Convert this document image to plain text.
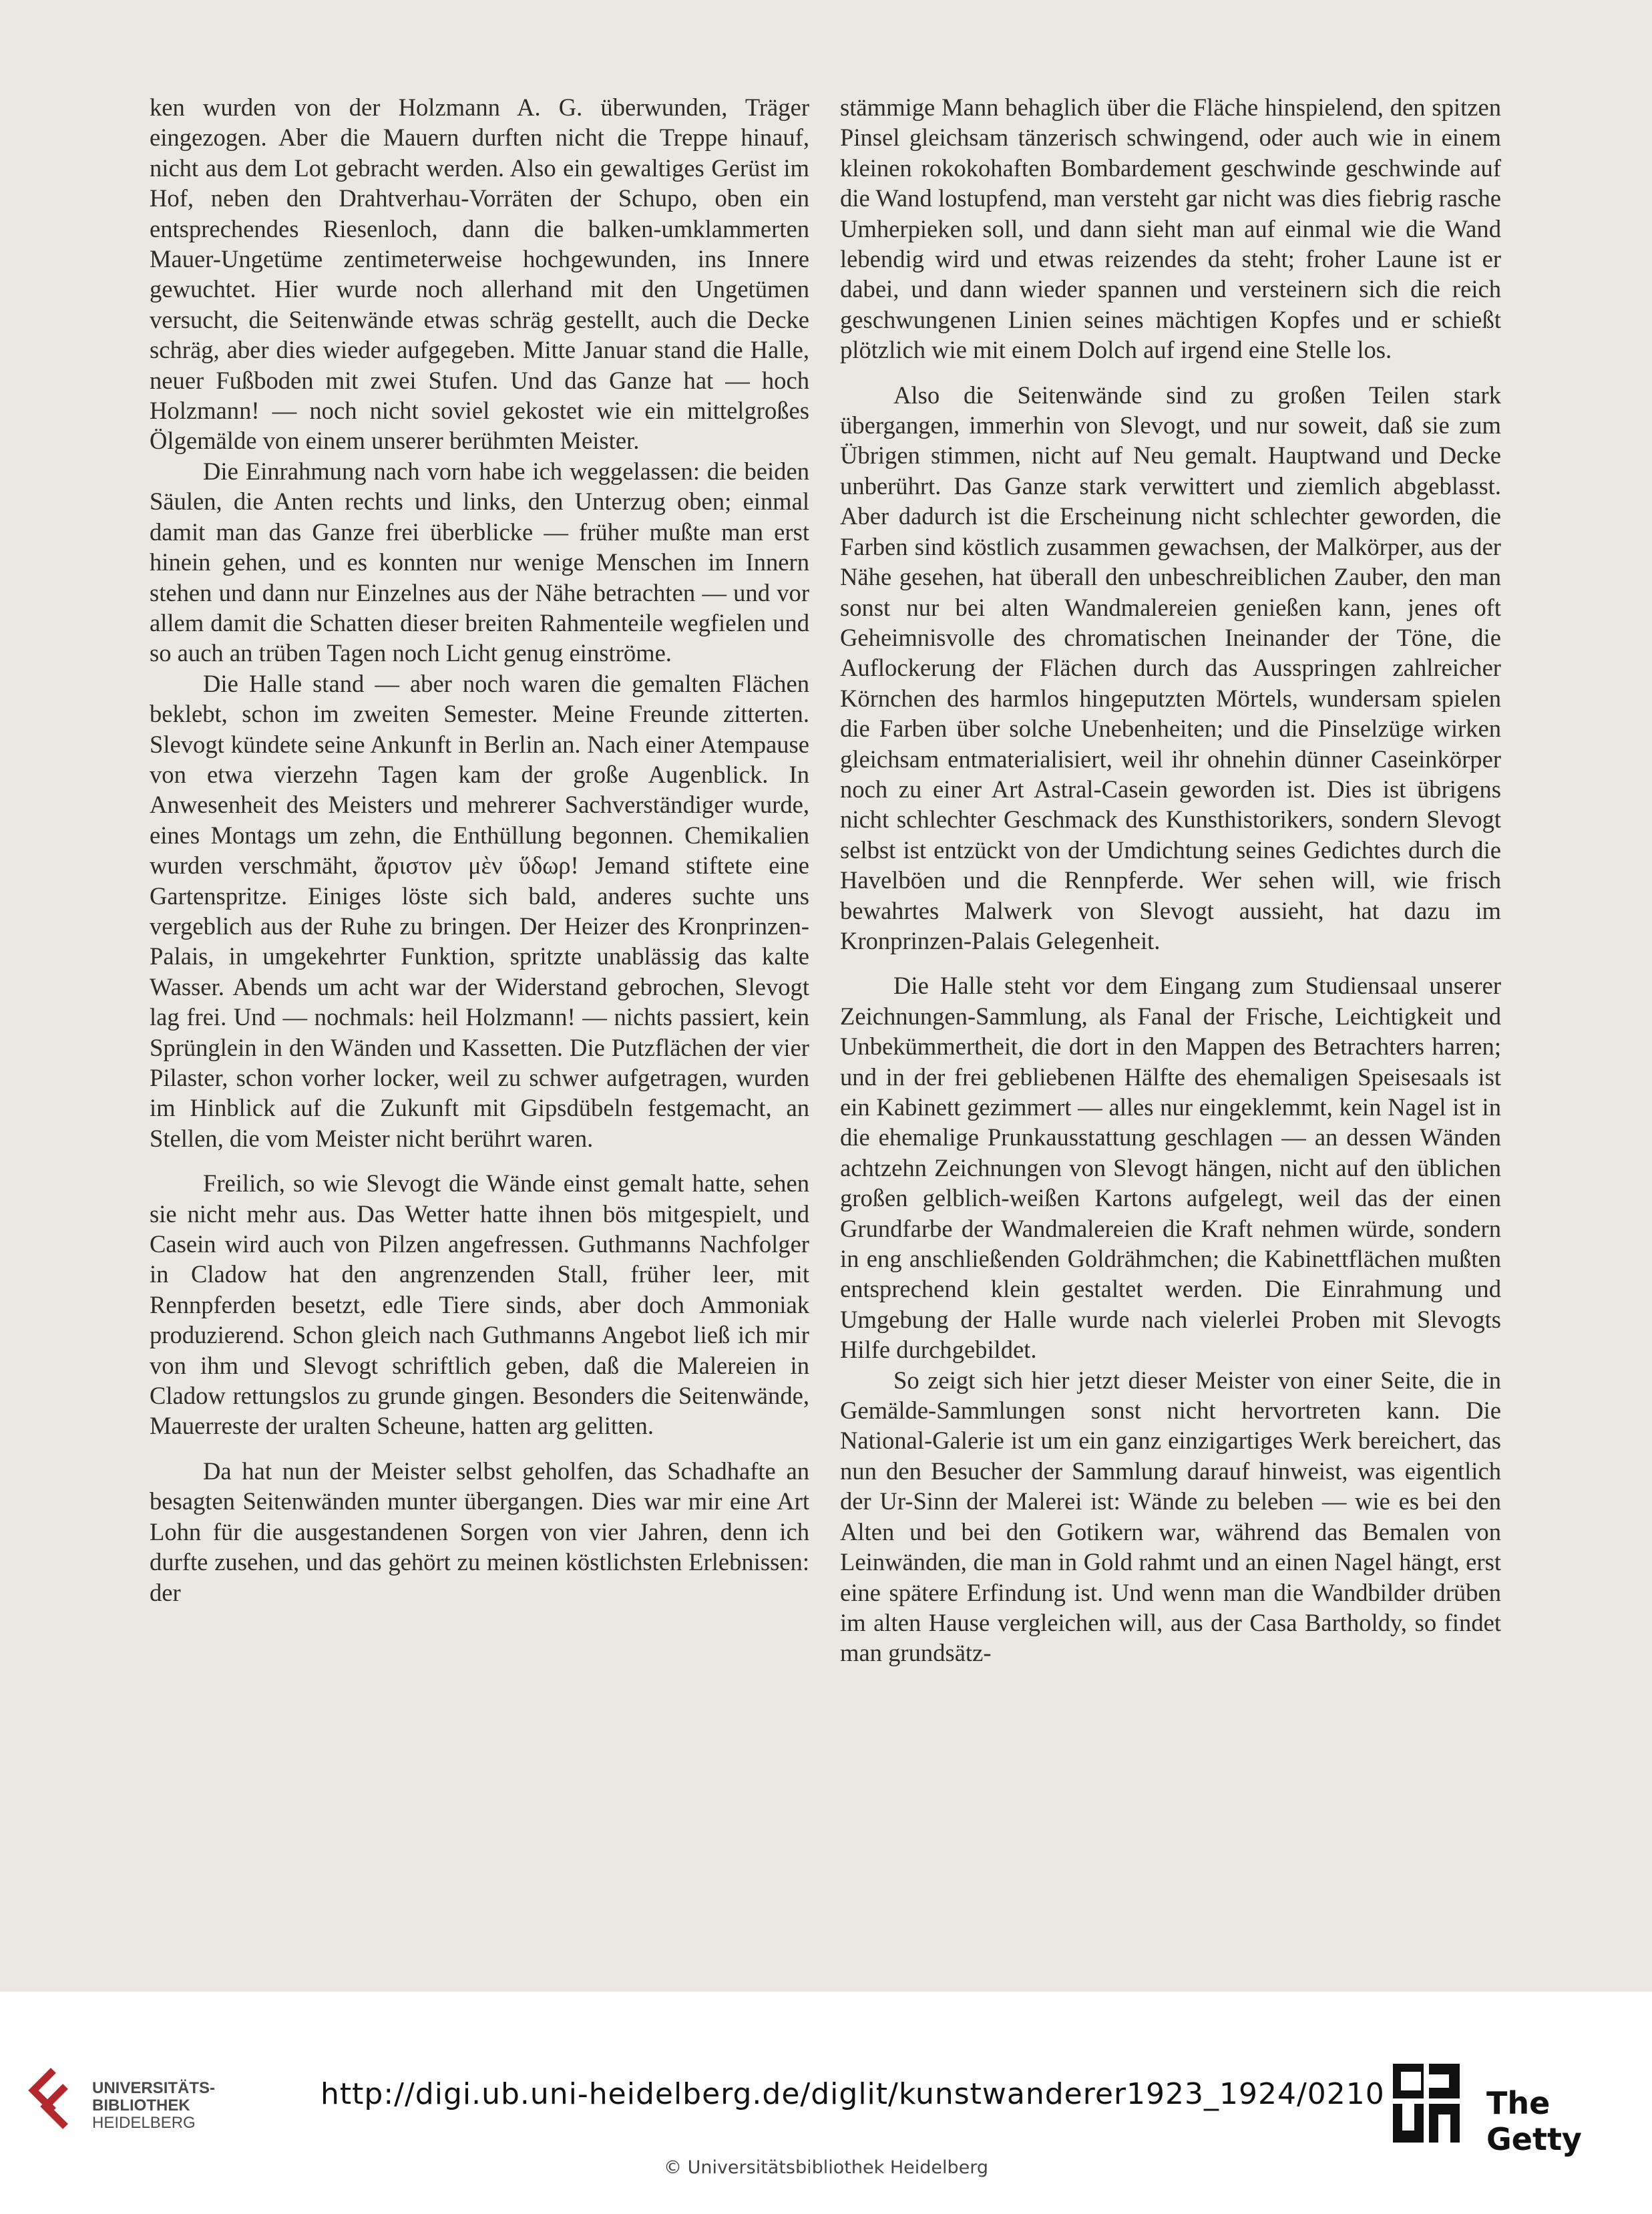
ken wurden von der Holzmann A. G. überwunden, Träger eingezogen. Aber die Mauern durften nicht die Treppe hinauf, nicht aus dem Lot gebracht werden. Also ein gewaltiges Gerüst im Hof, neben den Drahtverhau-Vorräten der Schupo, oben ein entsprechendes Riesenloch, dann die balken-umklammerten Mauer-Ungetüme zentimeterweise hochgewunden, ins Innere gewuchtet. Hier wurde noch allerhand mit den Ungetümen versucht, die Seitenwände etwas schräg gestellt, auch die Decke schräg, aber dies wieder aufgegeben. Mitte Januar stand die Halle, neuer Fußboden mit zwei Stufen. Und das Ganze hat — hoch Holzmann! — noch nicht soviel gekostet wie ein mittelgroßes Ölgemälde von einem unserer berühmten Meister.

Die Einrahmung nach vorn habe ich weggelassen: die beiden Säulen, die Anten rechts und links, den Unterzug oben; einmal damit man das Ganze frei überblicke — früher mußte man erst hinein gehen, und es konnten nur wenige Menschen im Innern stehen und dann nur Einzelnes aus der Nähe betrachten — und vor allem damit die Schatten dieser breiten Rahmenteile wegfielen und so auch an trüben Tagen noch Licht genug einströme.

Die Halle stand — aber noch waren die gemalten Flächen beklebt, schon im zweiten Semester. Meine Freunde zitterten. Slevogt kündete seine Ankunft in Berlin an. Nach einer Atempause von etwa vierzehn Tagen kam der große Augenblick. In Anwesenheit des Meisters und mehrerer Sachverständiger wurde, eines Montags um zehn, die Enthüllung begonnen. Chemikalien wurden verschmäht, ἄριστον μὲν ὕδωρ! Jemand stiftete eine Gartenspritze. Einiges löste sich bald, anderes suchte uns vergeblich aus der Ruhe zu bringen. Der Heizer des Kronprinzen-Palais, in umgekehrter Funktion, spritzte unablässig das kalte Wasser. Abends um acht war der Widerstand gebrochen, Slevogt lag frei. Und — nochmals: heil Holzmann! — nichts passiert, kein Sprünglein in den Wänden und Kassetten. Die Putzflächen der vier Pilaster, schon vorher locker, weil zu schwer aufgetragen, wurden im Hinblick auf die Zukunft mit Gipsdübeln festgemacht, an Stellen, die vom Meister nicht berührt waren.

Freilich, so wie Slevogt die Wände einst gemalt hatte, sehen sie nicht mehr aus. Das Wetter hatte ihnen bös mitgespielt, und Casein wird auch von Pilzen angefressen. Guthmanns Nachfolger in Cladow hat den angrenzenden Stall, früher leer, mit Rennpferden besetzt, edle Tiere sinds, aber doch Ammoniak produzierend. Schon gleich nach Guthmanns Angebot ließ ich mir von ihm und Slevogt schriftlich geben, daß die Malereien in Cladow rettungslos zu grunde gingen. Besonders die Seitenwände, Mauerreste der uralten Scheune, hatten arg gelitten.

Da hat nun der Meister selbst geholfen, das Schadhafte an besagten Seitenwänden munter übergangen. Dies war mir eine Art Lohn für die ausgestandenen Sorgen von vier Jahren, denn ich durfte zusehen, und das gehört zu meinen köstlichsten Erlebnissen: der

stämmige Mann behaglich über die Fläche hinspielend, den spitzen Pinsel gleichsam tänzerisch schwingend, oder auch wie in einem kleinen rokokohaften Bombardement geschwinde geschwinde auf die Wand lostupfend, man versteht gar nicht was dies fiebrig rasche Umherpieken soll, und dann sieht man auf einmal wie die Wand lebendig wird und etwas reizendes da steht; froher Laune ist er dabei, und dann wieder spannen und versteinern sich die reich geschwungenen Linien seines mächtigen Kopfes und er schießt plötzlich wie mit einem Dolch auf irgend eine Stelle los.

Also die Seitenwände sind zu großen Teilen stark übergangen, immerhin von Slevogt, und nur soweit, daß sie zum Übrigen stimmen, nicht auf Neu gemalt. Hauptwand und Decke unberührt. Das Ganze stark verwittert und ziemlich abgeblasst. Aber dadurch ist die Erscheinung nicht schlechter geworden, die Farben sind köstlich zusammen gewachsen, der Malkörper, aus der Nähe gesehen, hat überall den unbeschreiblichen Zauber, den man sonst nur bei alten Wandmalereien genießen kann, jenes oft Geheimnisvolle des chromatischen Ineinander der Töne, die Auflockerung der Flächen durch das Ausspringen zahlreicher Körnchen des harmlos hingeputzten Mörtels, wundersam spielen die Farben über solche Unebenheiten; und die Pinselzüge wirken gleichsam entmaterialisiert, weil ihr ohnehin dünner Caseinkörper noch zu einer Art Astral-Casein geworden ist. Dies ist übrigens nicht schlechter Geschmack des Kunsthistorikers, sondern Slevogt selbst ist entzückt von der Umdichtung seines Gedichtes durch die Havelböen und die Rennpferde. Wer sehen will, wie frisch bewahrtes Malwerk von Slevogt aussieht, hat dazu im Kronprinzen-Palais Gelegenheit.

Die Halle steht vor dem Eingang zum Studiensaal unserer Zeichnungen-Sammlung, als Fanal der Frische, Leichtigkeit und Unbekümmertheit, die dort in den Mappen des Betrachters harren; und in der frei gebliebenen Hälfte des ehemaligen Speisesaals ist ein Kabinett gezimmert — alles nur eingeklemmt, kein Nagel ist in die ehemalige Prunkausstattung geschlagen — an dessen Wänden achtzehn Zeichnungen von Slevogt hängen, nicht auf den üblichen großen gelblich-weißen Kartons aufgelegt, weil das der einen Grundfarbe der Wandmalereien die Kraft nehmen würde, sondern in eng anschließenden Goldrähmchen; die Kabinettflächen mußten entsprechend klein gestaltet werden. Die Einrahmung und Umgebung der Halle wurde nach vielerlei Proben mit Slevogts Hilfe durchgebildet.

So zeigt sich hier jetzt dieser Meister von einer Seite, die in Gemälde-Sammlungen sonst nicht hervortreten kann. Die National-Galerie ist um ein ganz einzigartiges Werk bereichert, das nun den Besucher der Sammlung darauf hinweist, was eigentlich der Ur-Sinn der Malerei ist: Wände zu beleben — wie es bei den Alten und bei den Gotikern war, während das Bemalen von Leinwänden, die man in Gold rahmt und an einen Nagel hängt, erst eine spätere Erfindung ist. Und wenn man die Wandbilder drüben im alten Hause vergleichen will, aus der Casa Bartholdy, so findet man grundsätz-

UNIVERSITÄTS-
BIBLIOTHEK
HEIDELBERG
http://digi.ub.uni-heidelberg.de/diglit/kunstwanderer1923_1924/0210
© Universitätsbibliothek Heidelberg
The Getty
